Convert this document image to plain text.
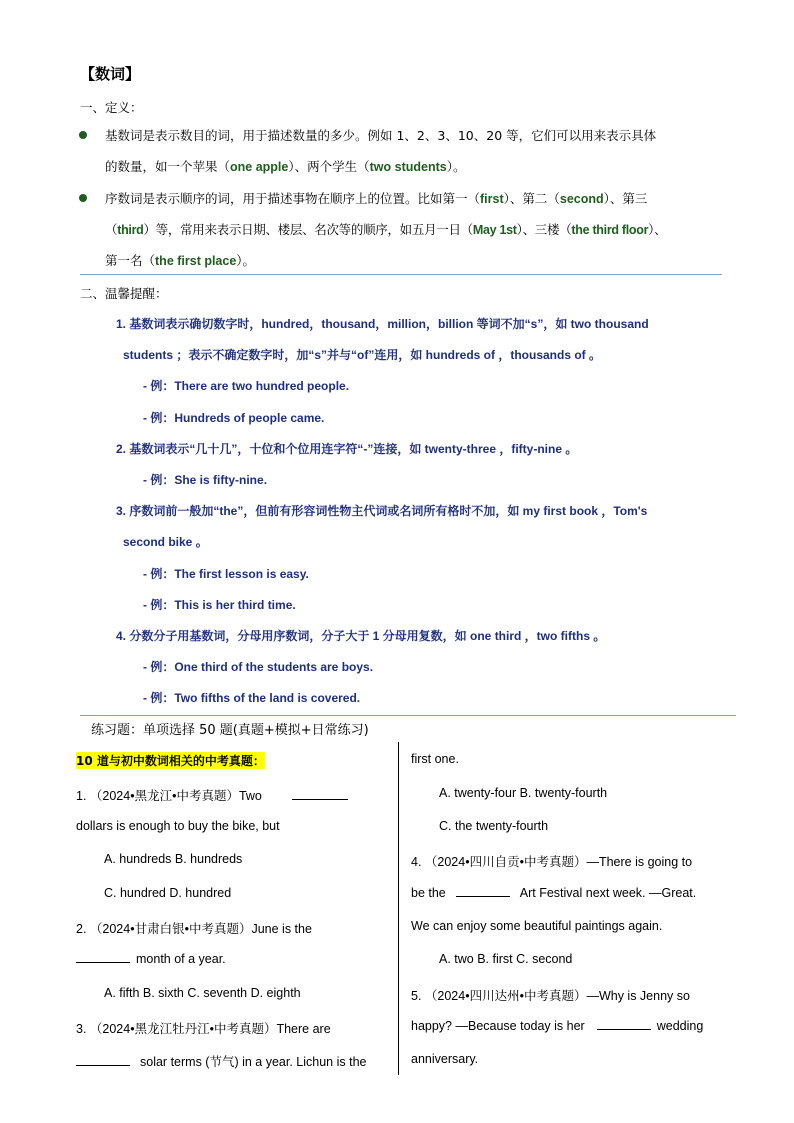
【数词】
一、定义：
基数词是表示数目的词，用于描述数量的多少。例如 1、2、3、10、20 等，它们可以用来表示具体
的数量，如一个苹果（one apple）、两个学生（two students）。
序数词是表示顺序的词，用于描述事物在顺序上的位置。比如第一（first）、第二（second）、第三
（third）等，常用来表示日期、楼层、名次等的顺序，如五月一日（May 1st）、三楼（the third floor）、
第一名（the first place）。
二、温馨提醒：
1. 基数词表示确切数字时，hundred，thousand，million，billion 等词不加“s”，如 two thousand
students ；表示不确定数字时，加“s”并与“of”连用，如 hundreds of ，thousands of 。
- 例：There are two hundred people.
- 例：Hundreds of people came.
2. 基数词表示“几十几”，十位和个位用连字符“-”连接，如 twenty-three ，fifty-nine 。
- 例：She is fifty-nine.
3. 序数词前一般加“the”，但前有形容词性物主代词或名词所有格时不加，如 my first book ，Tom's
second bike 。
- 例：The first lesson is easy.
- 例：This is her third time.
4. 分数分子用基数词，分母用序数词，分子大于 1 分母用复数，如 one third ，two fifths 。
- 例：One third of the students are boys.
- 例：Two fifths of the land is covered.
练习题：单项选择 50 题(真题+模拟+日常练习)
10 道与初中数词相关的中考真题：
1. （2024•黑龙江•中考真题）Two
dollars is enough to buy the bike, but
A. hundreds B. hundreds
C. hundred D. hundred
2. （2024•甘肃白银•中考真题）June is the
month of a year.
A. fifth B. sixth C. seventh D. eighth
3. （2024•黑龙江牡丹江•中考真题）There are
solar terms (节气) in a year. Lichun is the
first one.
A. twenty-four B. twenty-fourth
C. the twenty-fourth
4. （2024•四川自贡•中考真题）—There is going to
be the	Art Festival next week. —Great.
We can enjoy some beautiful paintings again.
A. two B. first C. second
5. （2024•四川达州•中考真题）—Why is Jenny so
happy? —Because today is her	wedding
anniversary.
